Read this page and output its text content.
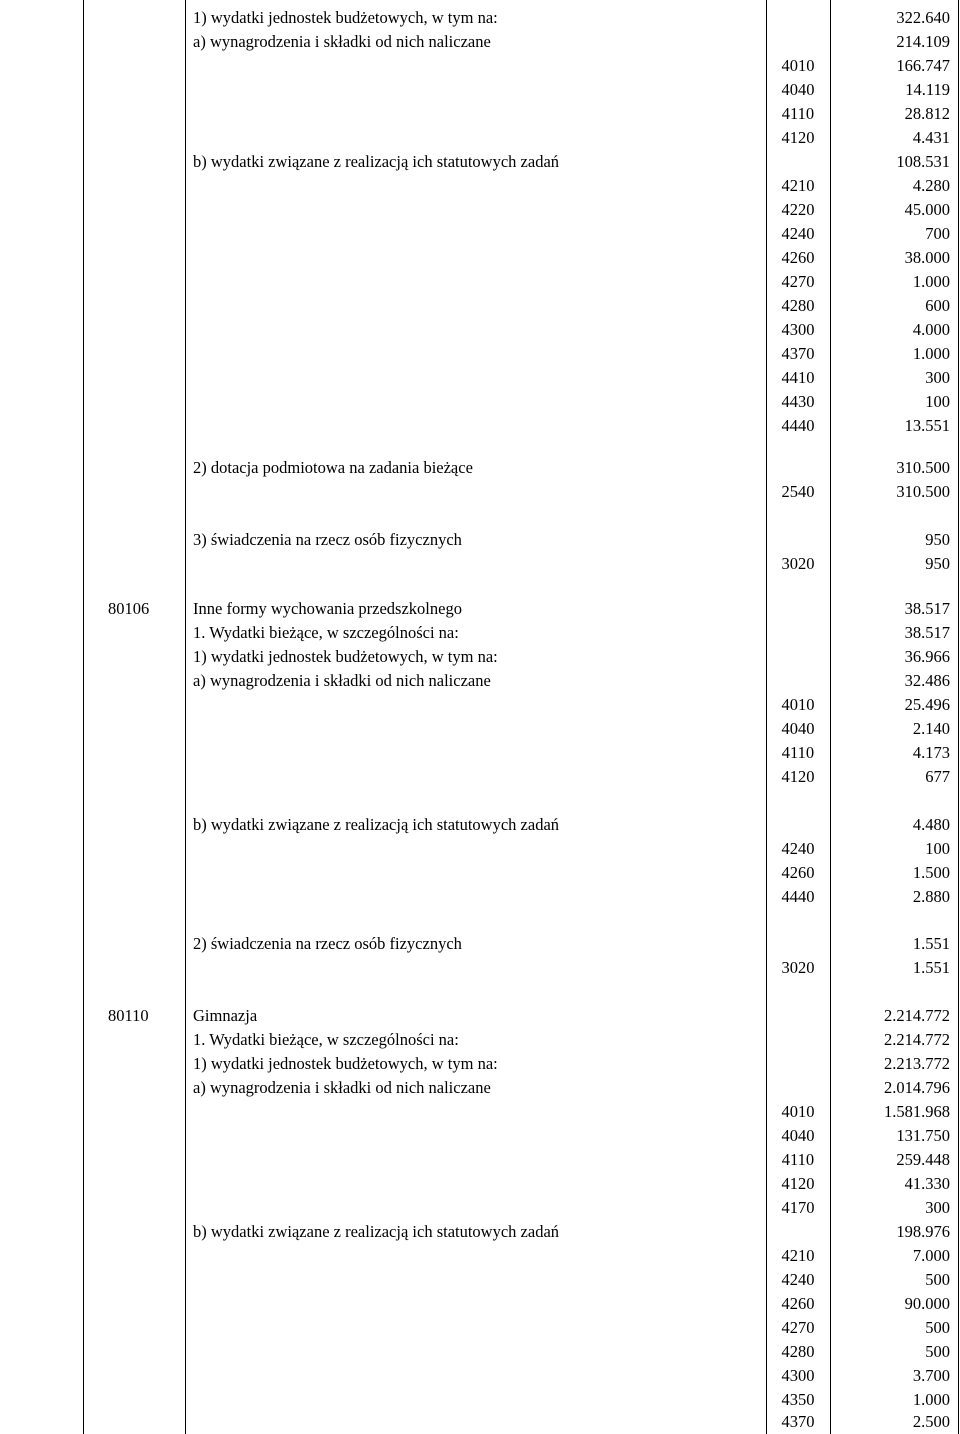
1) wydatki jednostek budżetowych, w tym na:	322.640
a) wynagrodzenia i składki od nich naliczane	214.109
4010	166.747
4040	14.119
4110	28.812
4120	4.431
b) wydatki związane z realizacją ich statutowych zadań	108.531
4210	4.280
4220	45.000
4240	700
4260	38.000
4270	1.000
4280	600
4300	4.000
4370	1.000
4410	300
4430	100
4440	13.551
2) dotacja podmiotowa na zadania bieżące	310.500
2540	310.500
3) świadczenia na rzecz osób fizycznych	950
3020	950
80106	Inne formy wychowania przedszkolnego	38.517
1. Wydatki bieżące, w szczególności na:	38.517
1) wydatki jednostek budżetowych, w tym na:	36.966
a) wynagrodzenia i składki od nich naliczane	32.486
4010	25.496
4040	2.140
4110	4.173
4120	677
b) wydatki związane z realizacją ich statutowych zadań	4.480
4240	100
4260	1.500
4440	2.880
2) świadczenia na rzecz osób fizycznych	1.551
3020	1.551
80110	Gimnazja	2.214.772
1. Wydatki bieżące, w szczególności na:	2.214.772
1) wydatki jednostek budżetowych, w tym na:	2.213.772
a) wynagrodzenia i składki od nich naliczane	2.014.796
4010	1.581.968
4040	131.750
4110	259.448
4120	41.330
4170	300
b) wydatki związane z realizacją ich statutowych zadań	198.976
4210	7.000
4240	500
4260	90.000
4270	500
4280	500
4300	3.700
4350	1.000
4370	2.500
